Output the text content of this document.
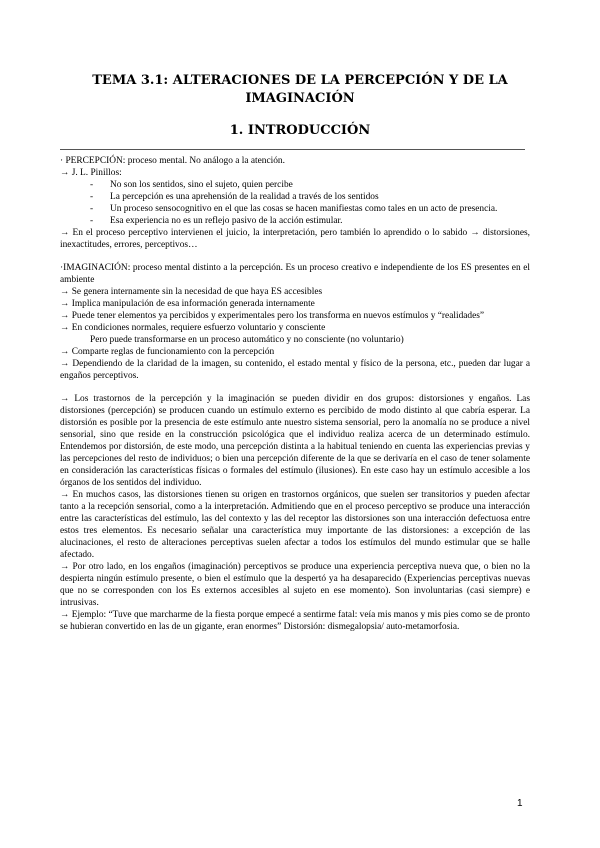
TEMA 3.1: ALTERACIONES DE LA PERCEPCIÓN Y DE LA IMAGINACIÓN
1. INTRODUCCIÓN

· PERCEPCIÓN: proceso mental. No análogo a la atención.

→ J. L. Pinillos:

-	No son los sentidos, sino el sujeto, quien percibe

-	La percepción es una aprehensión de la realidad a través de los sentidos

-	Un proceso sensocognitivo en el que las cosas se hacen manifiestas como tales en un acto de presencia.

-	Esa experiencia no es un reflejo pasivo de la acción estimular.

→ En el proceso perceptivo intervienen el juicio, la interpretación, pero también lo aprendido o lo sabido → distorsiones, inexactitudes, errores, perceptivos…

·IMAGINACIÓN: proceso mental distinto a la percepción. Es un proceso creativo e independiente de los ES presentes en el ambiente

→ Se genera internamente sin la necesidad de que haya ES accesibles

→ Implica manipulación de esa información generada internamente

→ Puede tener elementos ya percibidos y experimentales pero los transforma en nuevos estímulos y “realidades”

→ En condiciones normales, requiere esfuerzo voluntario y consciente

Pero puede transformarse en un proceso automático y no consciente (no voluntario)

→ Comparte reglas de funcionamiento con la percepción

→ Dependiendo de la claridad de la imagen, su contenido, el estado mental y físico de la persona, etc., pueden dar lugar a engaños perceptivos.

→ Los trastornos de la percepción y la imaginación se pueden dividir en dos grupos: distorsiones y engaños. Las distorsiones (percepción) se producen cuando un estímulo externo es percibido de modo distinto al que cabría esperar. La distorsión es posible por la presencia de este estímulo ante nuestro sistema sensorial, pero la anomalía no se produce a nivel sensorial, sino que reside en la construcción psicológica que el individuo realiza acerca de un determinado estímulo. Entendemos por distorsión, de este modo, una percepción distinta a la habitual teniendo en cuenta las experiencias previas y las percepciones del resto de individuos; o bien una percepción diferente de la que se derivaría en el caso de tener solamente en consideración las características físicas o formales del estímulo (ilusiones). En este caso hay un estímulo accesible a los órganos de los sentidos del individuo.

→ En muchos casos, las distorsiones tienen su origen en trastornos orgánicos, que suelen ser transitorios y pueden afectar tanto a la recepción sensorial, como a la interpretación. Admitiendo que en el proceso perceptivo se produce una interacción entre las características del estímulo, las del contexto y las del receptor las distorsiones son una interacción defectuosa entre estos tres elementos. Es necesario señalar una característica muy importante de las distorsiones: a excepción de las alucinaciones, el resto de alteraciones perceptivas suelen afectar a todos los estímulos del mundo estimular que se halle afectado.

→ Por otro lado, en los engaños (imaginación) perceptivos se produce una experiencia perceptiva nueva que, o bien no la despierta ningún estímulo presente, o bien el estímulo que la despertó ya ha desaparecido (Experiencias perceptivas nuevas que no se corresponden con los Es externos accesibles al sujeto en ese momento). Son involuntarias (casi siempre) e intrusivas.

→ Ejemplo: “Tuve que marcharme de la fiesta porque empecé a sentirme fatal: veía mis manos y mis pies como se de pronto se hubieran convertido en las de un gigante, eran enormes” Distorsión: dismegalopsia/ auto-metamorfosia.

1
